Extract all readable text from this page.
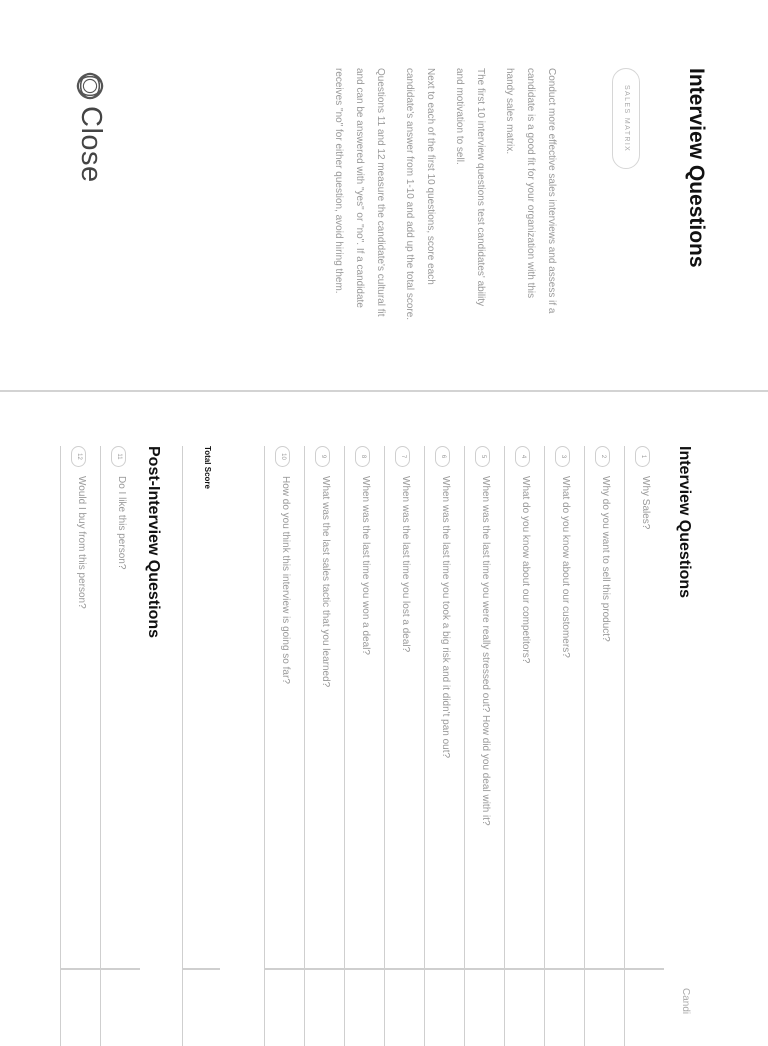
Interview Questions
SALES MATRIX

Conduct more effective sales interviews and assess if a candidate is a good fit for your organization with this handy sales matrix.

The first 10 interview questions test candidates' ability and motivation to sell.

Next to each of the first 10 questions, score each candidate's answer from 1-10 and add up the total score.

Questions 11 and 12 measure the candidate's cultural fit and can be answered with "yes" or "no". If a candidate receives "no" for either question, avoid hiring them.

Close
Interview Questions
Candi
1
Why Sales?
2
Why do you want to sell this product?
3
What do you know about our customers?
4
What do you know about our competitors?
5
When was the last time you were really stressed out? How did you deal with it?
6
When was the last time you took a big risk and it didn't pan out?
7
When was the last time you lost a deal?
8
When was the last time you won a deal?
9
What was the last sales tactic that you learned?
10
How do you think this interview is going so far?
Total Score
Post-Interview Questions
11
Do I like this person?
12
Would I buy from this person?
